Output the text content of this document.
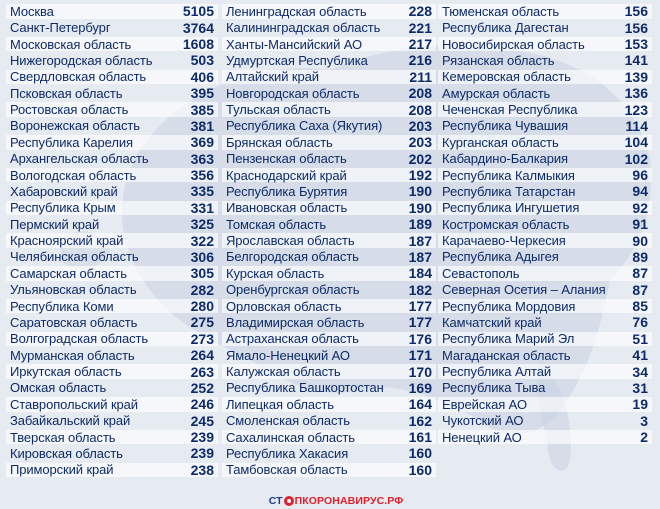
Москва	5105
Санкт-Петербург	3764
Московская область	1608
Нижегородская область	503
Свердловская область	406
Псковская область	395
Ростовская область	385
Воронежская область	381
Республика Карелия	369
Архангельская область	363
Вологодская область	356
Хабаровский край	335
Республика Крым	331
Пермский край	325
Красноярский край	322
Челябинская область	306
Самарская область	305
Ульяновская область	282
Республика Коми	280
Саратовская область	275
Волгоградская область	273
Мурманская область	264
Иркутская область	263
Омская область	252
Ставропольский край	246
Забайкальский край	245
Тверская область	239
Кировская область	239
Приморский край	238
Ленинградская область	228
Калининградская область 221
Ханты-Мансийский АО	217
Удмуртская Республика	216
Алтайский край	211
Новгородская область	208
Тульская область	208
Республика Саха (Якутия) 203
Брянская область	203
Пензенская область	202
Краснодарский край	192
Республика Бурятия	190
Ивановская область	190
Томская область	189
Ярославская область	187
Белгородская область	187
Курская область	184
Оренбургская область	182
Орловская область	177
Владимирская область	177
Астраханская область	176
Ямало-Ненецкий АО	171
Калужская область	170
Республика Башкортостан 169
Липецкая область	164
Смоленская область	162
Сахалинская область	161
Республика Хакасия	160
Тамбовская область	160
Тюменская область	156
Республика Дагестан	156
Новосибирская область	153
Рязанская область	141
Кемеровская область	139
Амурская область	136
Чеченская Республика	123
Республика Чувашия	114
Курганская область	104
Кабардино-Балкария	102
Республика Калмыкия	96
Республика Татарстан	94
Республика Ингушетия	92
Костромская область	91
Карачаево-Черкесия	90
Республика Адыгея	89
Севастополь	87
Северная Осетия – Алания 87
Республика Мордовия	85
Камчатский край	76
Республика Марий Эл	51
Магаданская область	41
Республика Алтай	34
Республика Тыва	31
Еврейская АО	19
Чукотский АО	3
Ненецкий АО	2
СТ ПКОРОНАВИРУС.РФ
